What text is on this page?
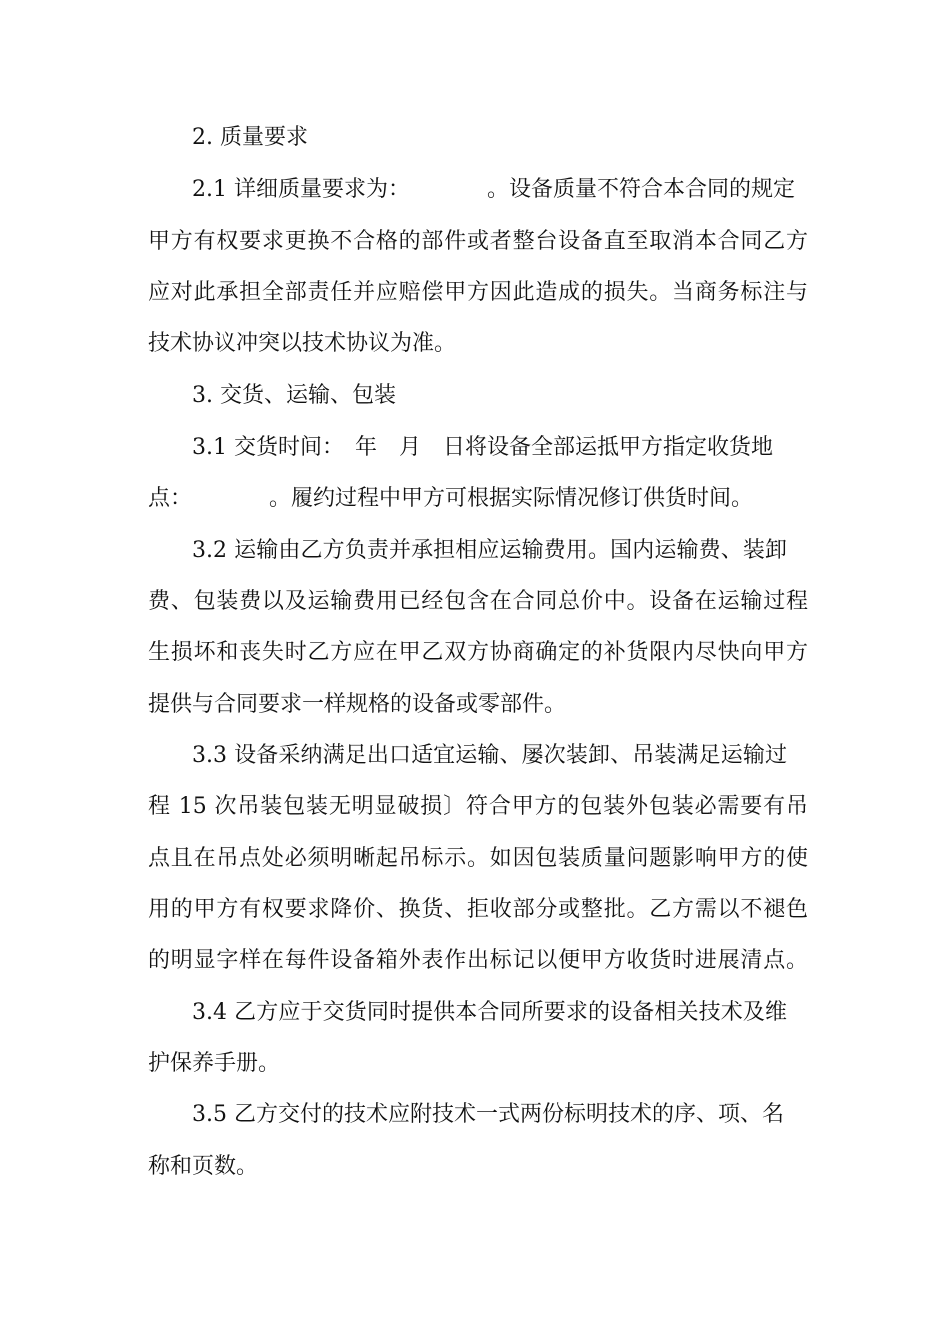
2. 质量要求
2.1 详细质量要求为：　　　　。设备质量不符合本合同的规定
甲方有权要求更换不合格的部件或者整台设备直至取消本合同乙方
应对此承担全部责任并应赔偿甲方因此造成的损失。当商务标注与
技术协议冲突以技术协议为准。
3. 交货、运输、包装
3.1 交货时间：　年　月　日将设备全部运抵甲方指定收货地
点：　　　　。履约过程中甲方可根据实际情况修订供货时间。
3.2 运输由乙方负责并承担相应运输费用。国内运输费、装卸
费、包装费以及运输费用已经包含在合同总价中。设备在运输过程
生损坏和丧失时乙方应在甲乙双方协商确定的补货限内尽快向甲方
提供与合同要求一样规格的设备或零部件。
3.3 设备采纳满足出口适宜运输、屡次装卸、吊装满足运输过
程 15 次吊装包装无明显破损〕符合甲方的包装外包装必需要有吊
点且在吊点处必须明晰起吊标示。如因包装质量问题影响甲方的使
用的甲方有权要求降价、换货、拒收部分或整批。乙方需以不褪色
的明显字样在每件设备箱外表作出标记以便甲方收货时进展清点。
3.4 乙方应于交货同时提供本合同所要求的设备相关技术及维
护保养手册。
3.5 乙方交付的技术应附技术一式两份标明技术的序、项、名
称和页数。
